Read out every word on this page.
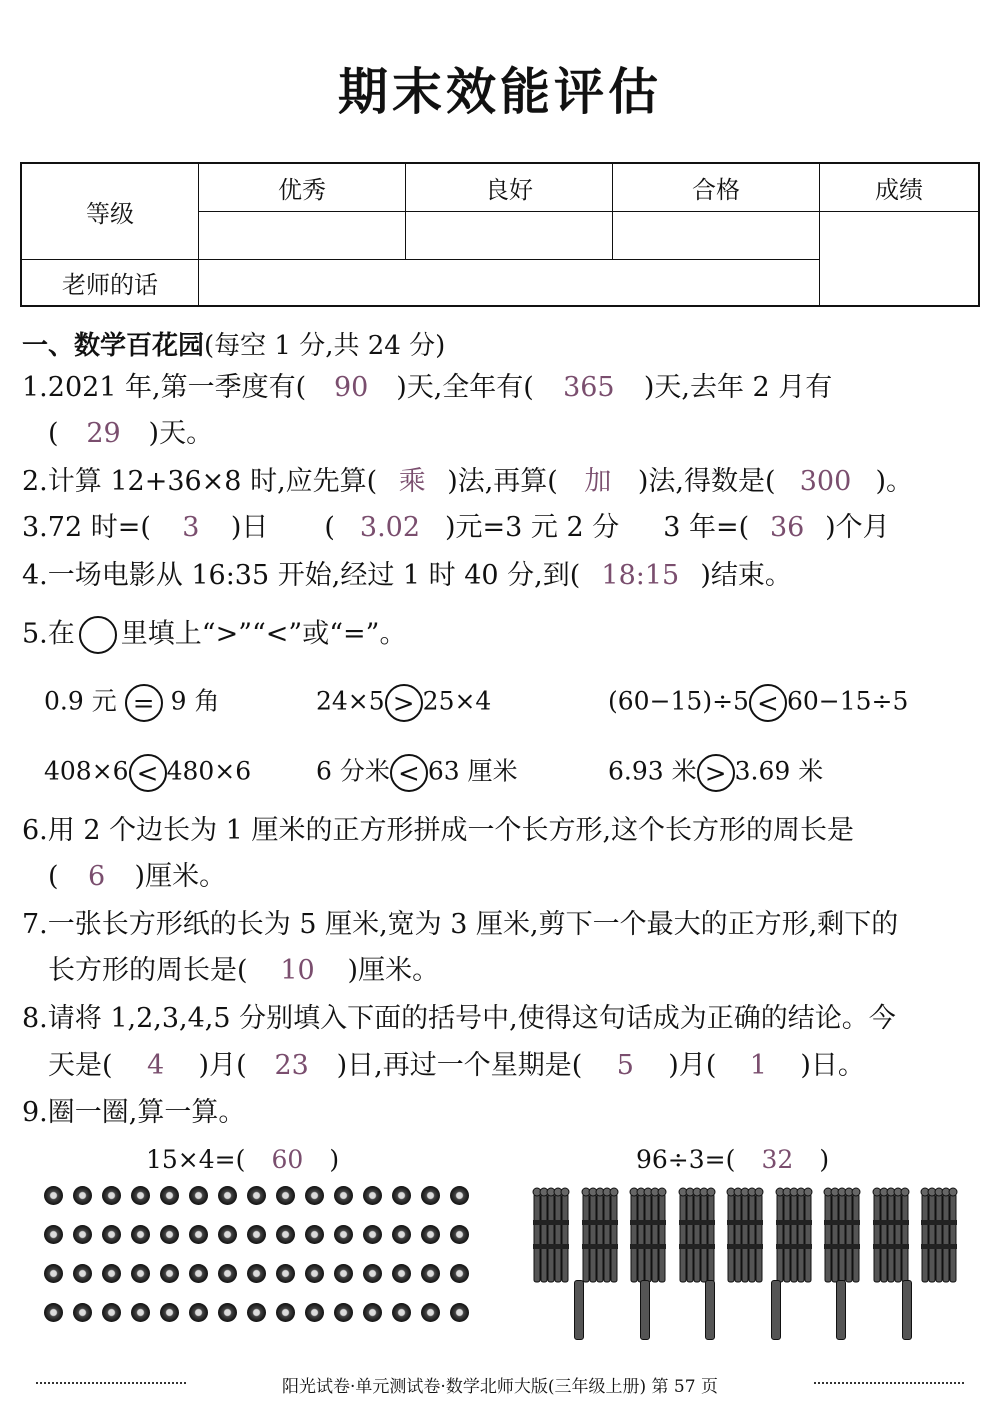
期末效能评估
等级	优秀	良好	合格	成绩

老师的话				
一、数学百花园(每空 1 分,共 24 分)
1.2021 年,第一季度有( 90 )天,全年有( 365 )天,去年 2 月有
( 29 )天。
2.计算 12+36×8 时,应先算( 乘 )法,再算( 加 )法,得数是( 300 )。
3.72 时=( 3 )日 ( 3.02 )元=3 元 2 分 3 年=( 36 )个月
4.一场电影从 16:35 开始,经过 1 时 40 分,到( 18:15 )结束。
5.在 里填上“>”“<”或“=”。
0.9 元 = 9 角	24×5 > 25×4	(60−15)÷5 < 60−15÷5
408×6 < 480×6	6 分米 < 63 厘米	6.93 米 > 3.69 米
6.用 2 个边长为 1 厘米的正方形拼成一个长方形,这个长方形的周长是
( 6 )厘米。
7.一张长方形纸的长为 5 厘米,宽为 3 厘米,剪下一个最大的正方形,剩下的
长方形的周长是( 10 )厘米。
8.请将 1,2,3,4,5 分别填入下面的括号中,使得这句话成为正确的结论。今
天是( 4 )月( 23 )日,再过一个星期是( 5 )月( 1 )日。
9.圈一圈,算一算。
15×4=( 60 )	96÷3=( 32 )
阳光试卷·单元测试卷·数学北师大版(三年级上册) 第 57 页
